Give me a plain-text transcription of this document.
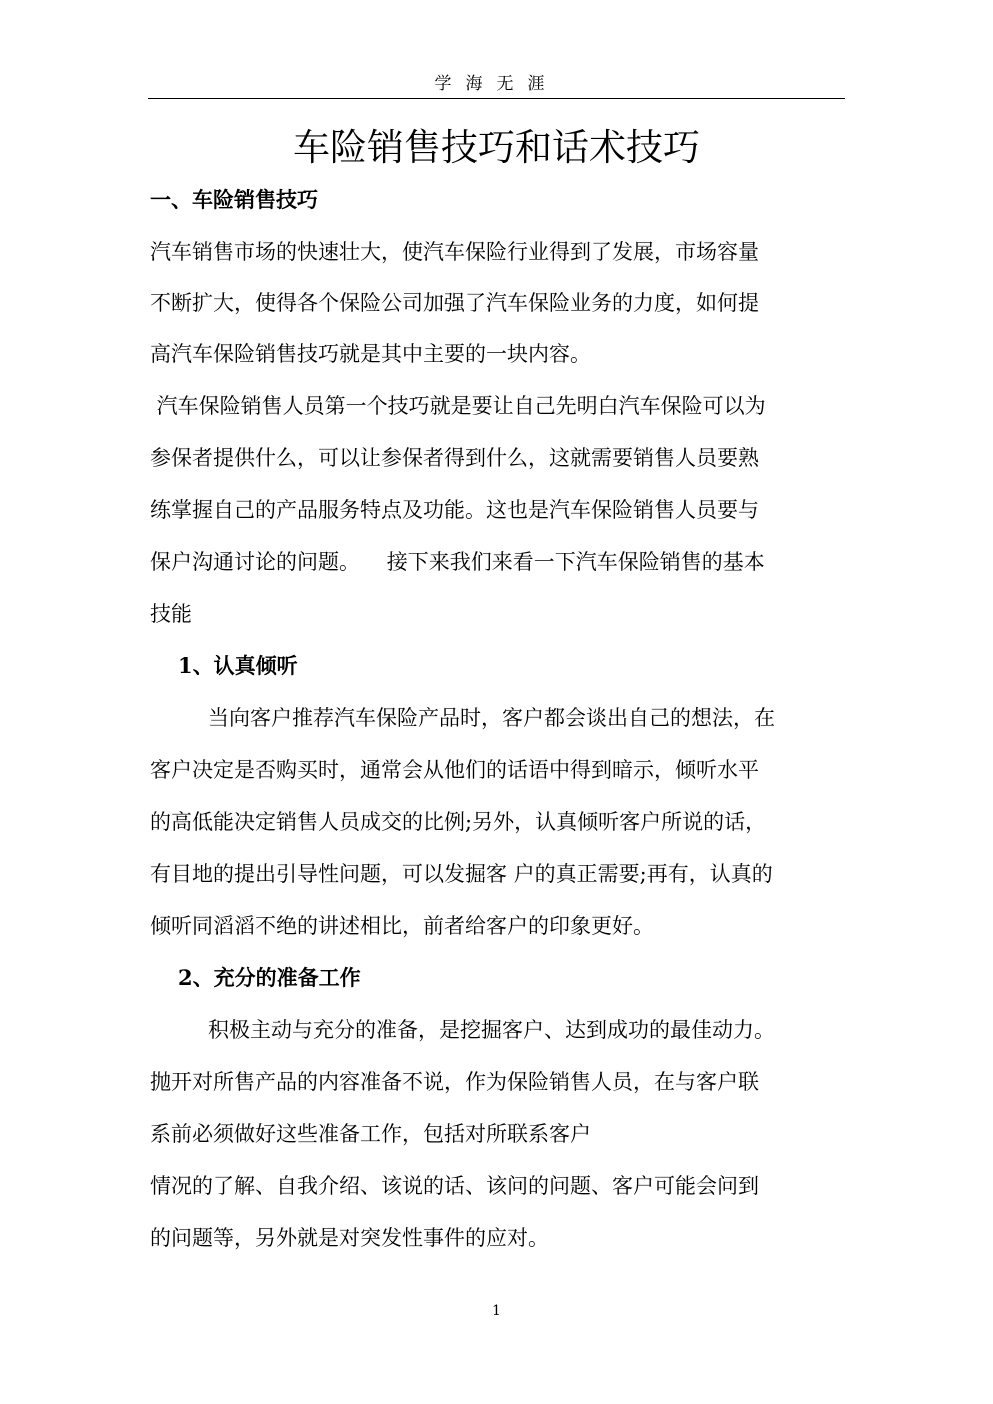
学海无涯
车险销售技巧和话术技巧
一、车险销售技巧
汽车销售市场的快速壮大，使汽车保险行业得到了发展，市场容量
不断扩大，使得各个保险公司加强了汽车保险业务的力度，如何提
高汽车保险销售技巧就是其中主要的一块内容。
汽车保险销售人员第一个技巧就是要让自己先明白汽车保险可以为
参保者提供什么，可以让参保者得到什么，这就需要销售人员要熟
练掌握自己的产品服务特点及功能。这也是汽车保险销售人员要与
保户沟通讨论的问题。    接下来我们来看一下汽车保险销售的基本
技能
1、认真倾听
当向客户推荐汽车保险产品时，客户都会谈出自己的想法，在
客户决定是否购买时，通常会从他们的话语中得到暗示，倾听水平
的高低能决定销售人员成交的比例;另外，认真倾听客户所说的话，
有目地的提出引导性问题，可以发掘客 户的真正需要;再有，认真的
倾听同滔滔不绝的讲述相比，前者给客户的印象更好。
2、充分的准备工作
积极主动与充分的准备，是挖掘客户、达到成功的最佳动力。
抛开对所售产品的内容准备不说，作为保险销售人员，在与客户联
系前必须做好这些准备工作，包括对所联系客户
情况的了解、自我介绍、该说的话、该问的问题、客户可能会问到
的问题等，另外就是对突发性事件的应对。
1
